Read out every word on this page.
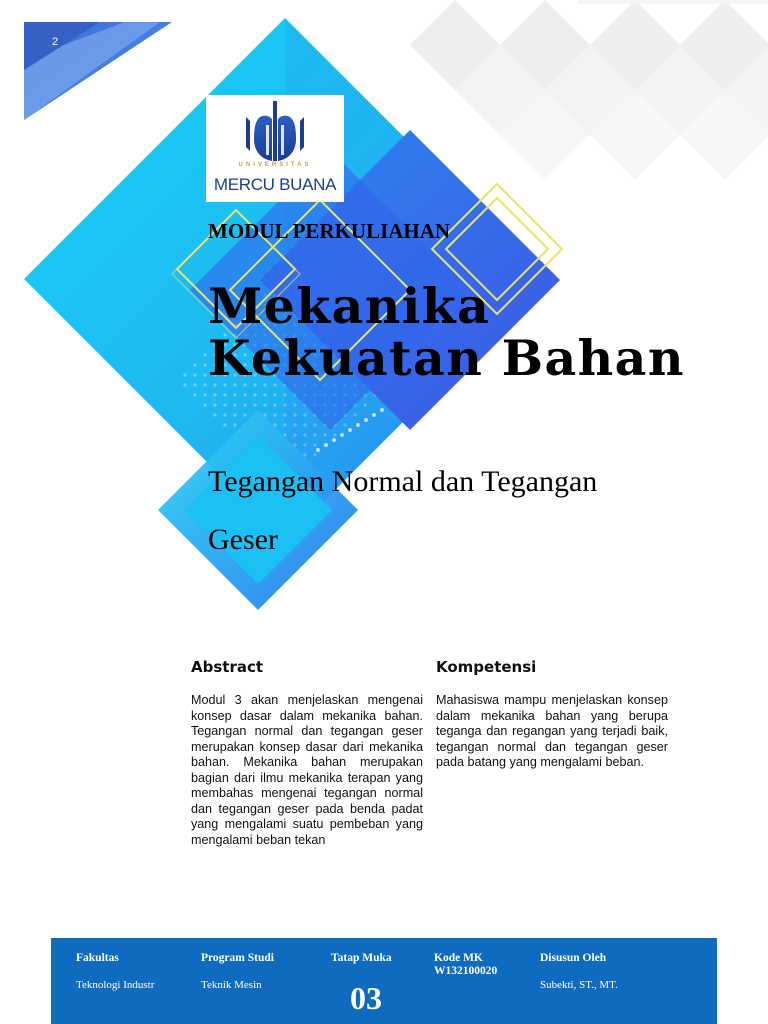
2
UNIVERSITAS
MERCU BUANA
MODUL PERKULIAHAN
Mekanika
Kekuatan Bahan
Tegangan Normal dan Tegangan
Geser
Abstract
Modul 3 akan menjelaskan mengenai konsep dasar dalam mekanika bahan. Tegangan normal dan tegangan geser merupakan konsep dasar dari mekanika bahan. Mekanika bahan merupakan bagian dari ilmu mekanika terapan yang membahas mengenai tegangan normal dan tegangan geser pada benda padat yang mengalami suatu pembeban yang mengalami beban tekan
Kompetensi
Mahasiswa mampu menjelaskan konsep dalam mekanika bahan yang berupa teganga dan regangan yang terjadi baik, tegangan normal dan tegangan geser pada batang yang mengalami beban.
Fakultas
Teknologi Industr
Program Studi
Teknik Mesin
Tatap Muka
03
Kode MK
W132100020
Disusun Oleh
Subekti, ST., MT.
